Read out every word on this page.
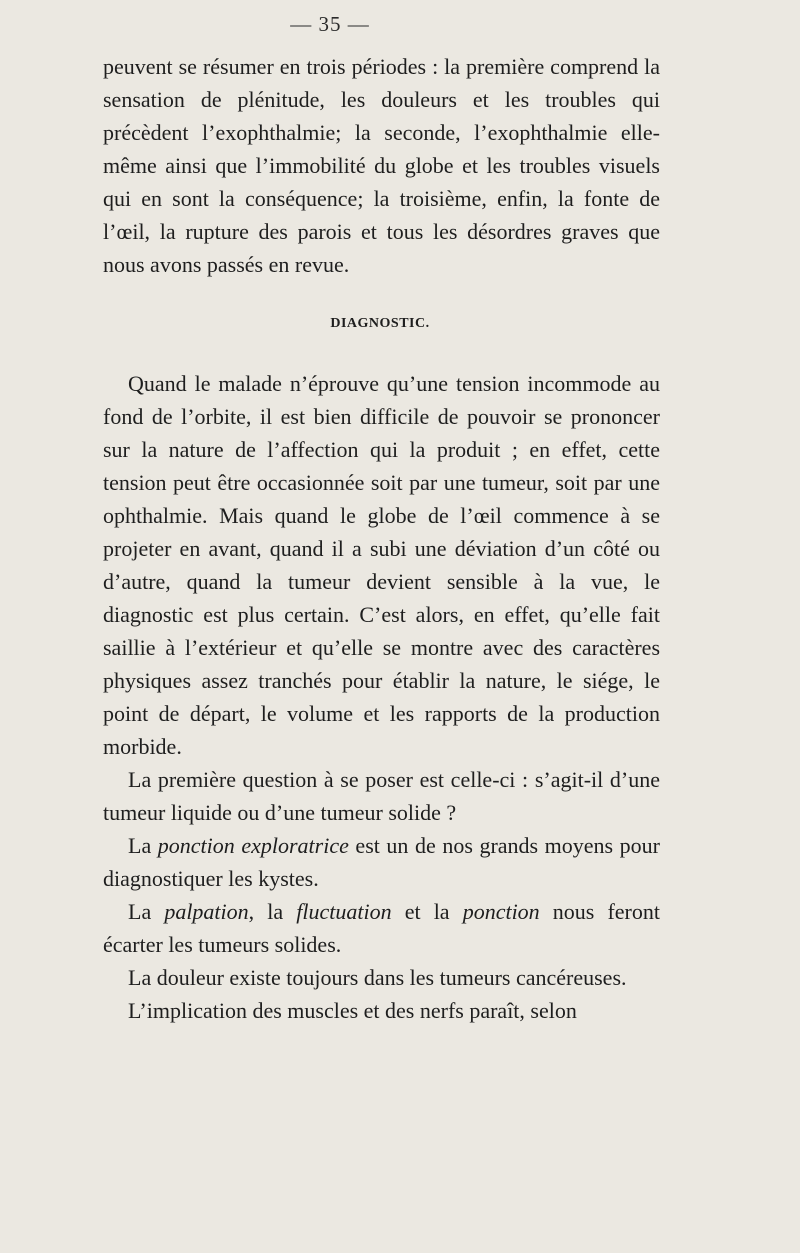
— 35 —

peuvent se résumer en trois périodes : la première comprend la sensation de plénitude, les douleurs et les troubles qui précèdent l’exophthalmie; la seconde, l’exophthalmie elle-même ainsi que l’immobilité du globe et les troubles visuels qui en sont la conséquence; la troisième, enfin, la fonte de l’œil, la rupture des parois et tous les désordres graves que nous avons passés en revue.

DIAGNOSTIC.

Quand le malade n’éprouve qu’une tension incommode au fond de l’orbite, il est bien difficile de pouvoir se prononcer sur la nature de l’affection qui la produit ; en effet, cette tension peut être occasionnée soit par une tumeur, soit par une ophthalmie. Mais quand le globe de l’œil commence à se projeter en avant, quand il a subi une déviation d’un côté ou d’autre, quand la tumeur devient sensible à la vue, le diagnostic est plus certain. C’est alors, en effet, qu’elle fait saillie à l’extérieur et qu’elle se montre avec des caractères physiques assez tranchés pour établir la nature, le siége, le point de départ, le volume et les rapports de la production morbide.

La première question à se poser est celle-ci : s’agit-il d’une tumeur liquide ou d’une tumeur solide ?

La ponction exploratrice est un de nos grands moyens pour diagnostiquer les kystes.

La palpation, la fluctuation et la ponction nous feront écarter les tumeurs solides.

La douleur existe toujours dans les tumeurs cancéreuses.

L’implication des muscles et des nerfs paraît, selon
